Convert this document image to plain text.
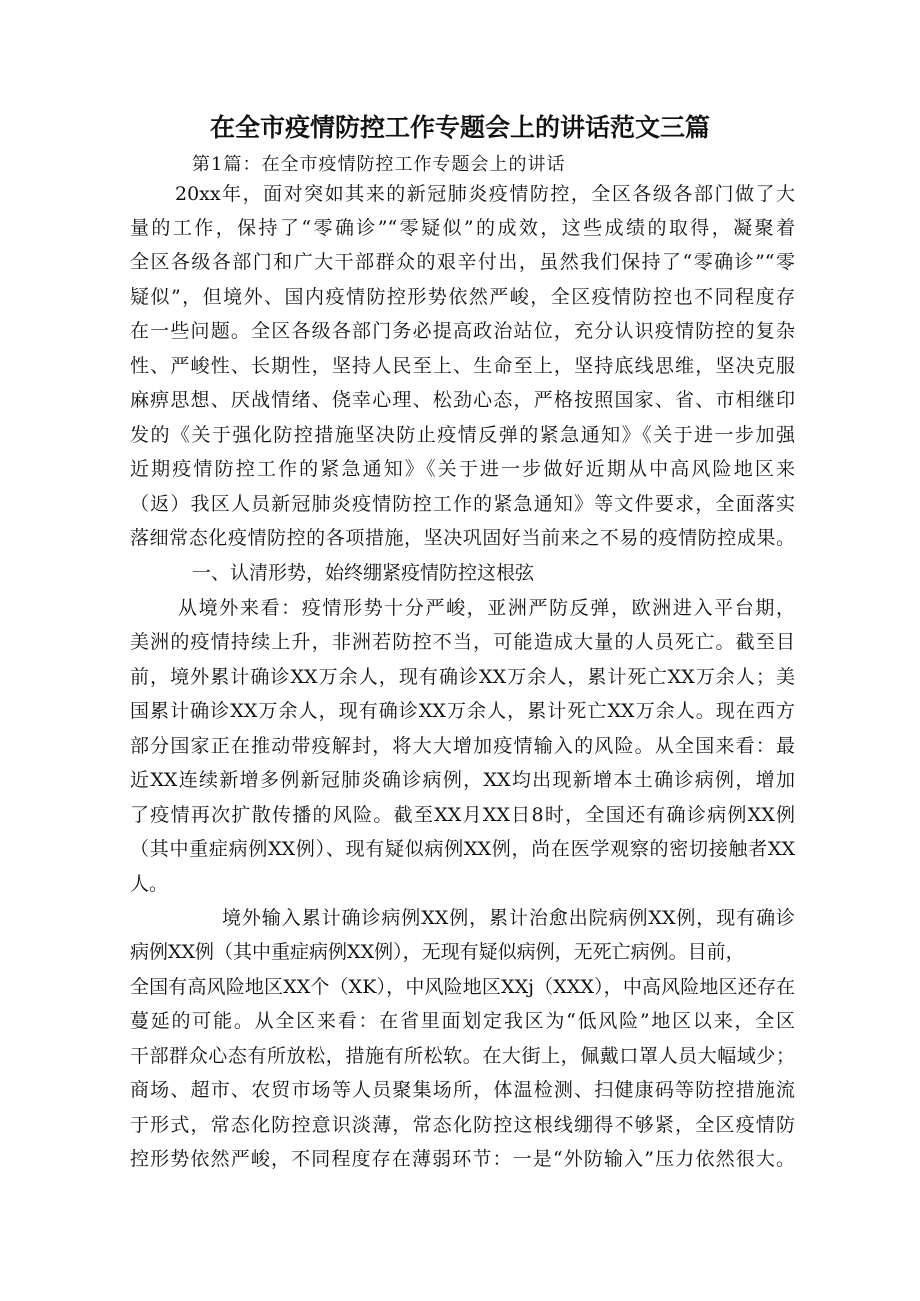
在全市疫情防控工作专题会上的讲话范文三篇
第1篇：在全市疫情防控工作专题会上的讲话
20xx年，面对突如其来的新冠肺炎疫情防控，全区各级各部门做了大
量的工作，保持了“零确诊”“零疑似”的成效，这些成绩的取得，凝聚着
全区各级各部门和广大干部群众的艰辛付出，虽然我们保持了“零确诊”“零
疑似”，但境外、国内疫情防控形势依然严峻，全区疫情防控也不同程度存
在一些问题。全区各级各部门务必提高政治站位，充分认识疫情防控的复杂
性、严峻性、长期性，坚持人民至上、生命至上，坚持底线思维，坚决克服
麻痹思想、厌战情绪、侥幸心理、松劲心态，严格按照国家、省、市相继印
发的《关于强化防控措施坚决防止疫情反弹的紧急通知》《关于进一步加强
近期疫情防控工作的紧急通知》《关于进一步做好近期从中高风险地区来
（返）我区人员新冠肺炎疫情防控工作的紧急通知》等文件要求，全面落实
落细常态化疫情防控的各项措施，坚决巩固好当前来之不易的疫情防控成果。
一、认清形势，始终绷紧疫情防控这根弦
从境外来看：疫情形势十分严峻，亚洲严防反弹，欧洲进入平台期，
美洲的疫情持续上升，非洲若防控不当，可能造成大量的人员死亡。截至目
前，境外累计确诊XX万余人，现有确诊XX万余人，累计死亡XX万余人；美
国累计确诊XX万余人，现有确诊XX万余人，累计死亡XX万余人。现在西方
部分国家正在推动带疫解封，将大大增加疫情输入的风险。从全国来看：最
近XX连续新增多例新冠肺炎确诊病例，XX均出现新增本土确诊病例，增加
了疫情再次扩散传播的风险。截至XX月XX日8时，全国还有确诊病例XX例
（其中重症病例XX例）、现有疑似病例XX例，尚在医学观察的密切接触者XX
人。
境外输入累计确诊病例XX例，累计治愈出院病例XX例，现有确诊
病例XX例（其中重症病例XX例），无现有疑似病例，无死亡病例。目前，
全国有高风险地区XX个（XK），中风险地区XXj（XXX），中高风险地区还存在
蔓延的可能。从全区来看：在省里面划定我区为“低风险”地区以来，全区
干部群众心态有所放松，措施有所松软。在大街上，佩戴口罩人员大幅域少；
商场、超市、农贸市场等人员聚集场所，体温检测、扫健康码等防控措施流
于形式，常态化防控意识淡薄，常态化防控这根线绷得不够紧，全区疫情防
控形势依然严峻，不同程度存在薄弱环节：一是“外防输入”压力依然很大。
